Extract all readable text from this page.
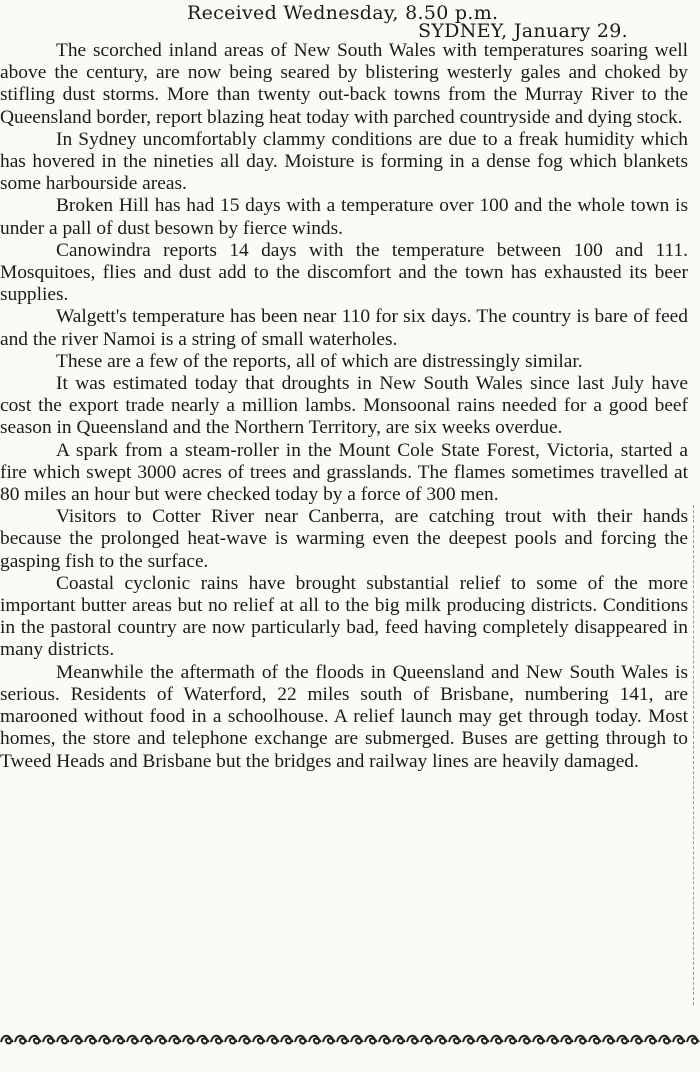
Received Wednesday, 8.50 p.m.
SYDNEY, January 29.

The scorched inland areas of New South Wales with temperatures soaring well above the century, are now being seared by blistering westerly gales and choked by stifling dust storms. More than twenty out-back towns from the Murray River to the Queensland border, report blazing heat today with parched countryside and dying stock.

In Sydney uncomfortably clammy conditions are due to a freak humidity which has hovered in the nineties all day. Moisture is forming in a dense fog which blankets some harbourside areas.

Broken Hill has had 15 days with a temperature over 100 and the whole town is under a pall of dust besown by fierce winds.

Canowindra reports 14 days with the temperature between 100 and 111. Mosquitoes, flies and dust add to the discomfort and the town has exhausted its beer supplies.

Walgett's temperature has been near 110 for six days. The country is bare of feed and the river Namoi is a string of small waterholes.

These are a few of the reports, all of which are distressingly similar.

It was estimated today that droughts in New South Wales since last July have cost the export trade nearly a million lambs. Monsoonal rains needed for a good beef season in Queensland and the Northern Territory, are six weeks overdue.

A spark from a steam-roller in the Mount Cole State Forest, Victoria, started a fire which swept 3000 acres of trees and grasslands. The flames sometimes travelled at 80 miles an hour but were checked today by a force of 300 men.

Visitors to Cotter River near Canberra, are catching trout with their hands because the prolonged heat-wave is warming even the deepest pools and forcing the gasping fish to the surface.

Coastal cyclonic rains have brought substantial relief to some of the more important butter areas but no relief at all to the big milk producing districts. Conditions in the pastoral country are now particularly bad, feed having completely disappeared in many districts.

Meanwhile the aftermath of the floods in Queensland and New South Wales is serious. Residents of Waterford, 22 miles south of Brisbane, numbering 141, are marooned without food in a schoolhouse. A relief launch may get through today. Most homes, the store and telephone exchange are submerged. Buses are getting through to Tweed Heads and Brisbane but the bridges and railway lines are heavily damaged.
